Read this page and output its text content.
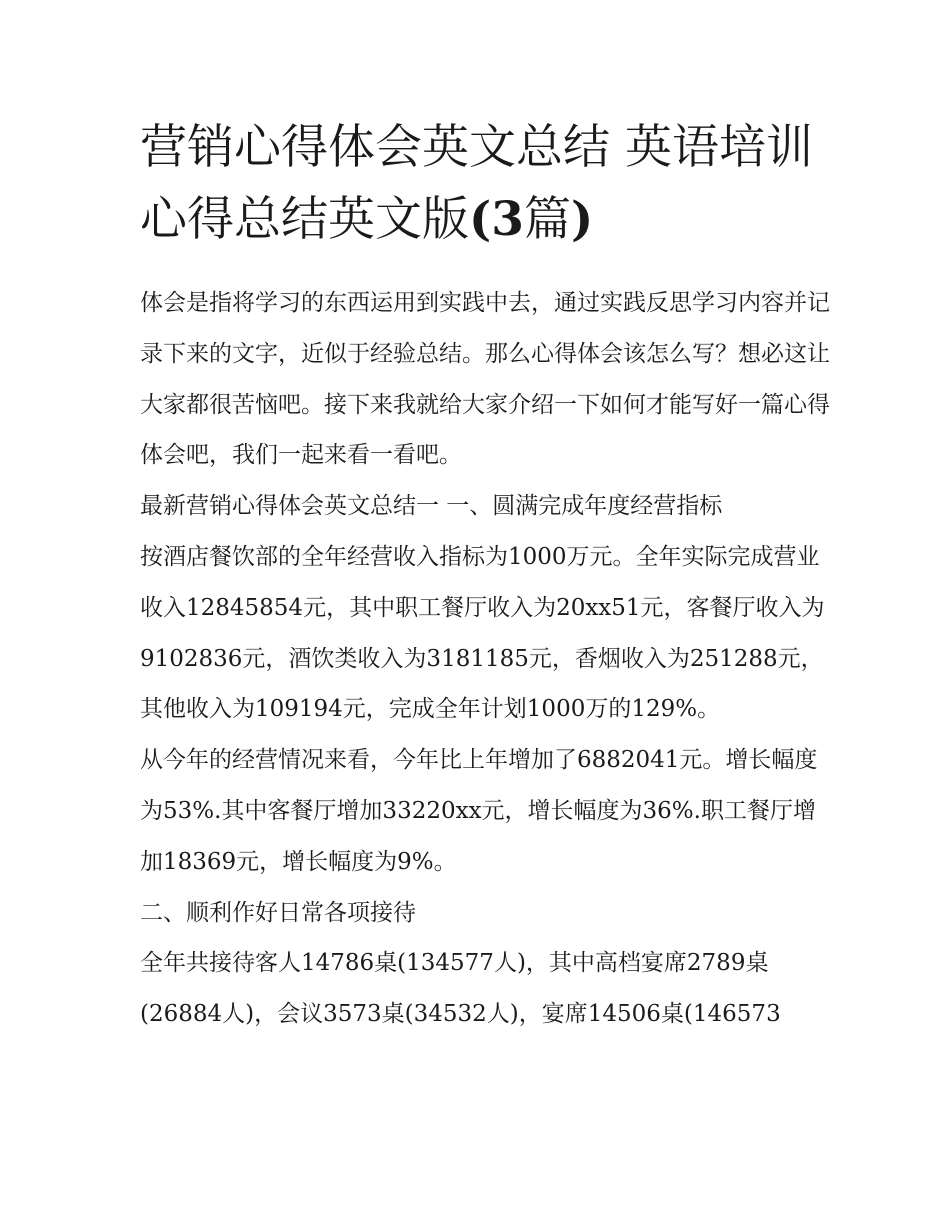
营销心得体会英文总结 英语培训心得总结英文版(3篇)

体会是指将学习的东西运用到实践中去，通过实践反思学习内容并记录下来的文字，近似于经验总结。那么心得体会该怎么写？想必这让大家都很苦恼吧。接下来我就给大家介绍一下如何才能写好一篇心得体会吧，我们一起来看一看吧。

最新营销心得体会英文总结一 一、圆满完成年度经营指标

按酒店餐饮部的全年经营收入指标为1000万元。全年实际完成营业收入12845854元，其中职工餐厅收入为20xx51元，客餐厅收入为9102836元，酒饮类收入为3181185元，香烟收入为251288元，其他收入为109194元，完成全年计划1000万的129%。

从今年的经营情况来看，今年比上年增加了6882041元。增长幅度为53%.其中客餐厅增加33220xx元，增长幅度为36%.职工餐厅增加18369元，增长幅度为9%。

二、顺利作好日常各项接待

全年共接待客人14786桌(134577人)，其中高档宴席2789桌(26884人)，会议3573桌(34532人)，宴席14506桌(146573
